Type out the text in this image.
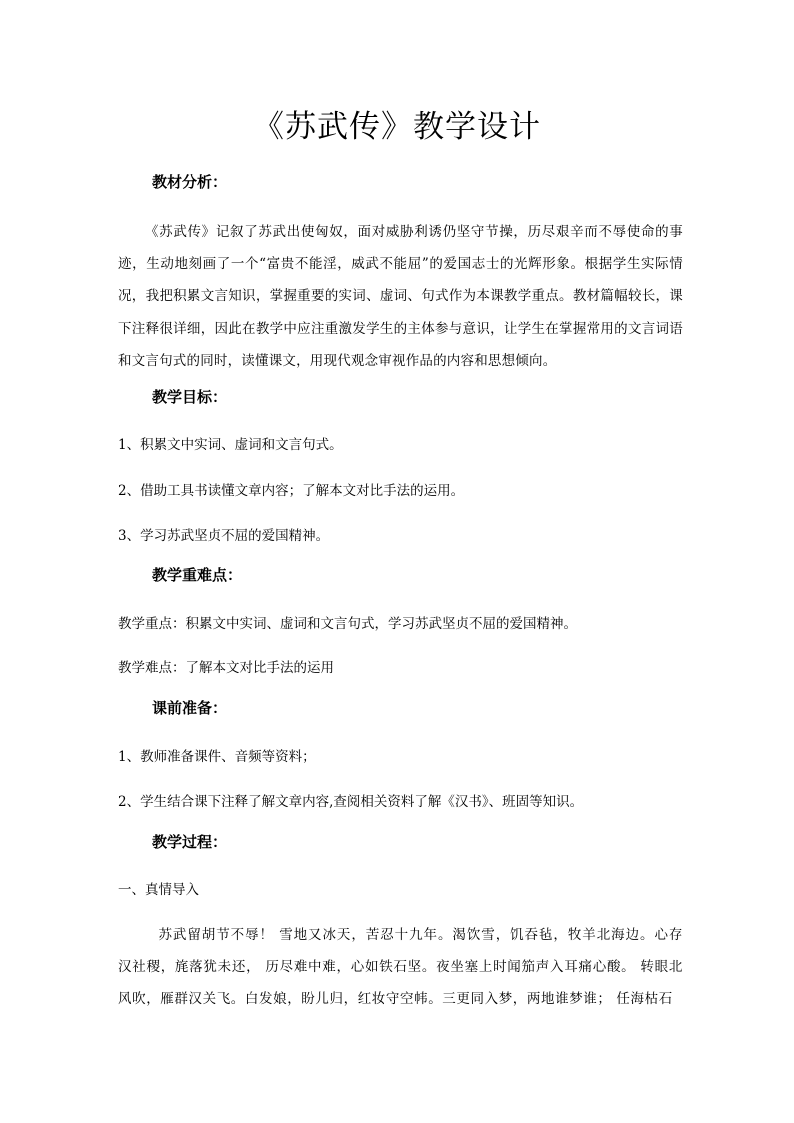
《苏武传》教学设计
教材分析：

《苏武传》记叙了苏武出使匈奴，面对威胁利诱仍坚守节操，历尽艰辛而不辱使命的事迹，生动地刻画了一个“富贵不能淫，威武不能屈”的爱国志士的光辉形象。根据学生实际情况，我把积累文言知识，掌握重要的实词、虚词、句式作为本课教学重点。教材篇幅较长，课下注释很详细，因此在教学中应注重激发学生的主体参与意识，让学生在掌握常用的文言词语和文言句式的同时，读懂课文，用现代观念审视作品的内容和思想倾向。

教学目标：
1、积累文中实词、虚词和文言句式。
2、借助工具书读懂文章内容；了解本文对比手法的运用。
3、学习苏武坚贞不屈的爱国精神。
教学重难点：
教学重点：积累文中实词、虚词和文言句式，学习苏武坚贞不屈的爱国精神。
教学难点：了解本文对比手法的运用
课前准备：
1、教师准备课件、音频等资料；
2、学生结合课下注释了解文章内容,查阅相关资料了解《汉书》、班固等知识。
教学过程：
一、真情导入

苏武留胡节不辱！ 雪地又冰天，苦忍十九年。渴饮雪，饥吞毡，牧羊北海边。心存汉社稷，旄落犹未还， 历尽难中难，心如铁石坚。夜坐塞上时闻笳声入耳痛心酸。 转眼北风吹，雁群汉关飞。白发娘，盼儿归，红妆守空帏。三更同入梦，两地谁梦谁； 任海枯石
